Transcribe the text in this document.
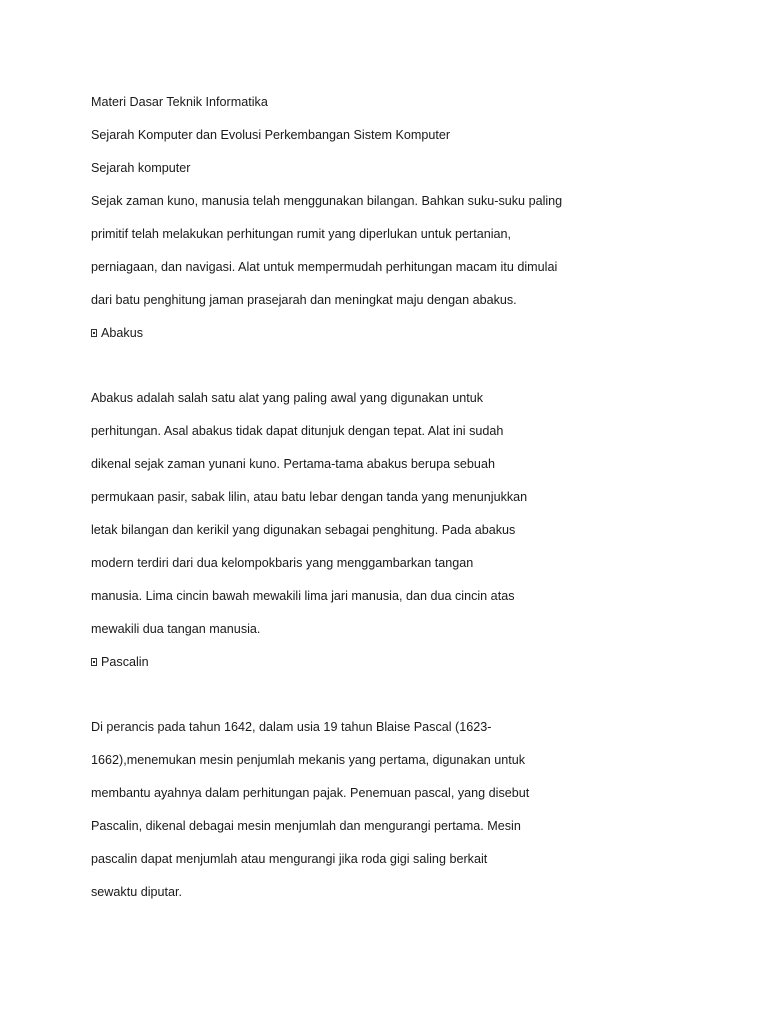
Materi Dasar Teknik Informatika
Sejarah Komputer dan Evolusi Perkembangan Sistem Komputer
Sejarah komputer
Sejak zaman kuno, manusia telah menggunakan bilangan. Bahkan suku-suku paling
primitif telah melakukan perhitungan rumit yang diperlukan untuk pertanian,
perniagaan, dan navigasi. Alat untuk mempermudah perhitungan macam itu dimulai
dari batu penghitung jaman prasejarah dan meningkat maju dengan abakus.
Abakus
Abakus adalah salah satu alat yang paling awal yang digunakan untuk
perhitungan. Asal abakus tidak dapat ditunjuk dengan tepat. Alat ini sudah
dikenal sejak zaman yunani kuno. Pertama-tama abakus berupa sebuah
permukaan pasir, sabak lilin, atau batu lebar dengan tanda yang menunjukkan
letak bilangan dan kerikil yang digunakan sebagai penghitung. Pada abakus
modern terdiri dari dua kelompokbaris yang menggambarkan tangan
manusia. Lima cincin bawah mewakili lima jari manusia, dan dua cincin atas
mewakili dua tangan manusia.
Pascalin
Di perancis pada tahun 1642, dalam usia 19 tahun Blaise Pascal (1623-
1662),menemukan mesin penjumlah mekanis yang pertama, digunakan untuk
membantu ayahnya dalam perhitungan pajak. Penemuan pascal, yang disebut
Pascalin, dikenal debagai mesin menjumlah dan mengurangi pertama. Mesin
pascalin dapat menjumlah atau mengurangi jika roda gigi saling berkait
sewaktu diputar.
